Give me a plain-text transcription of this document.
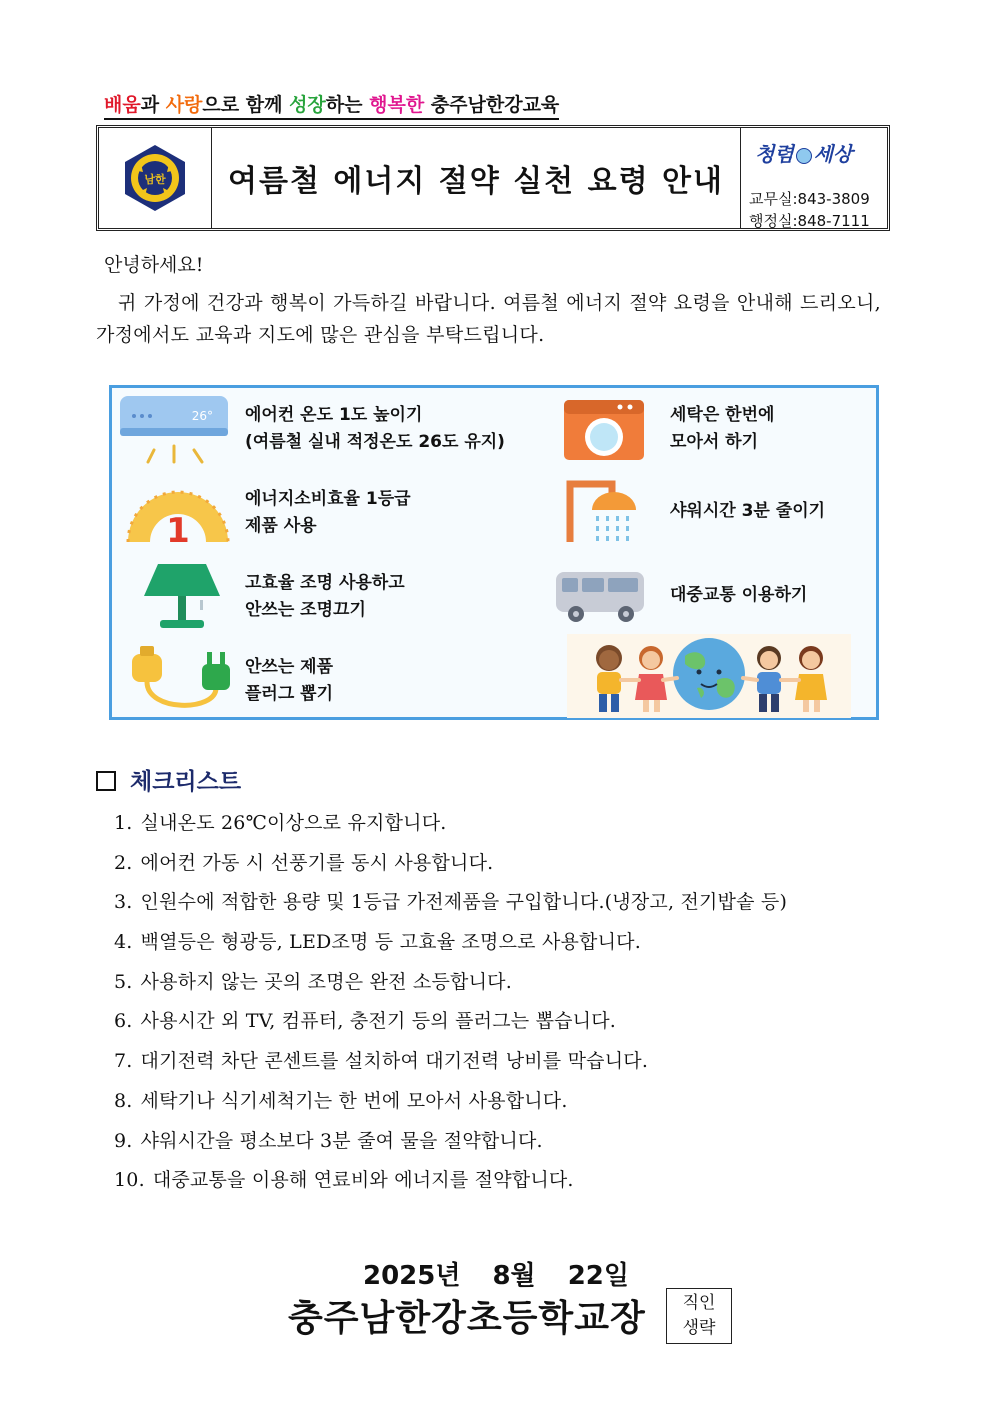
배움과 사랑으로 함께 성장하는 행복한 충주남한강교육
남한	여름철 에너지 절약 실천 요령 안내
청렴 세상
교무실:843-3809
행정실:848-7111
안녕하세요!
귀 가정에 건강과 행복이 가득하길 바랍니다. 여름철 에너지 절약 요령을 안내해 드리오니, 가정에서도 교육과 지도에 많은 관심을 부탁드립니다.
26° 에어컨 온도 1도 높이기
(여름철 실내 적정온도 26도 유지)
1
에너지소비효율 1등급
제품 사용
고효율 조명 사용하고
안쓰는 조명끄기
안쓰는 제품
플러그 뽑기
세탁은 한번에
모아서 하기
샤워시간 3분 줄이기
대중교통 이용하기
체크리스트
1. 실내온도 26℃이상으로 유지합니다.
2. 에어컨 가동 시 선풍기를 동시 사용합니다.
3. 인원수에 적합한 용량 및 1등급 가전제품을 구입합니다.(냉장고, 전기밥솥 등)
4. 백열등은 형광등, LED조명 등 고효율 조명으로 사용합니다.
5. 사용하지 않는 곳의 조명은 완전 소등합니다.
6. 사용시간 외 TV, 컴퓨터, 충전기 등의 플러그는 뽑습니다.
7. 대기전력 차단 콘센트를 설치하여 대기전력 낭비를 막습니다.
8. 세탁기나 식기세척기는 한 번에 모아서 사용합니다.
9. 샤워시간을 평소보다 3분 줄여 물을 절약합니다.
10. 대중교통을 이용해 연료비와 에너지를 절약합니다.
2025년 8월 22일
충주남한강초등학교장	직인
생략
